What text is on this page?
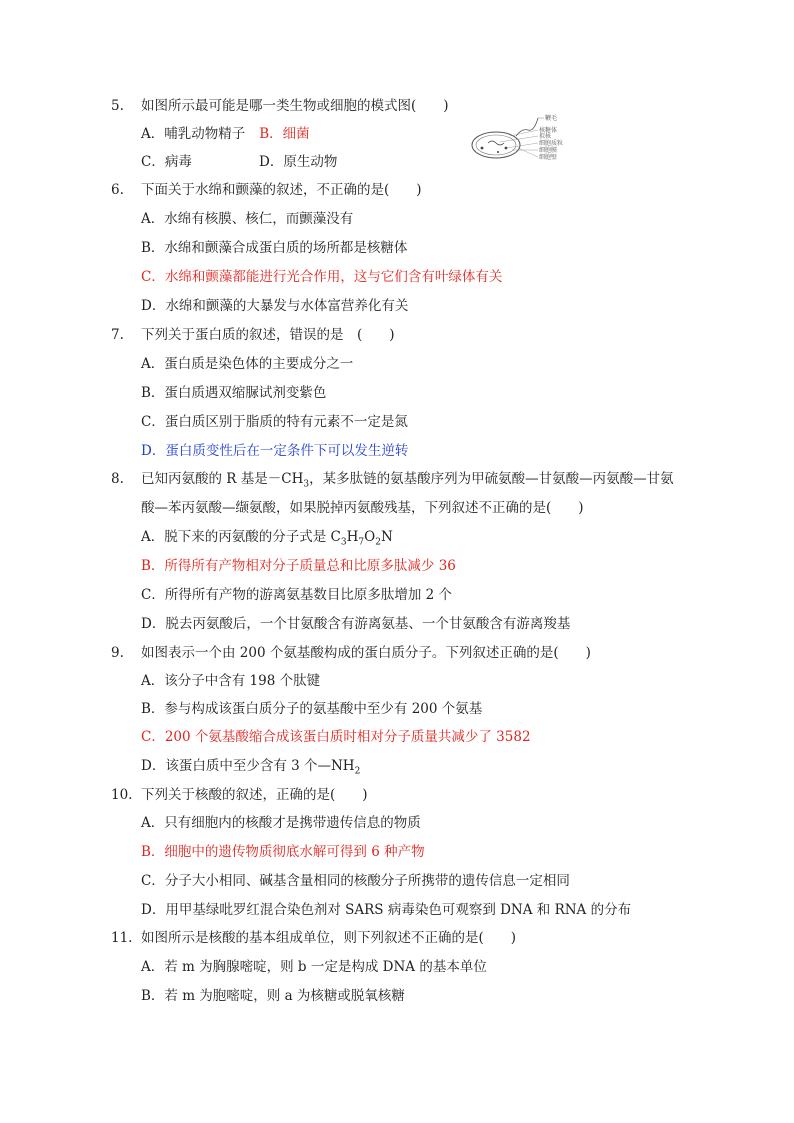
5. 如图所示最可能是哪一类生物或细胞的模式图(　　)
A．哺乳动物精子 B．细菌
C．病毒	D．原生动物
鞭毛
核糖体
拟核
细胞质粒
细胞膜
细胞壁
6. 下面关于水绵和颤藻的叙述，不正确的是(　　)
A．水绵有核膜、核仁，而颤藻没有
B．水绵和颤藻合成蛋白质的场所都是核糖体
C．水绵和颤藻都能进行光合作用，这与它们含有叶绿体有关
D．水绵和颤藻的大暴发与水体富营养化有关
7. 下列关于蛋白质的叙述，错误的是　(　　)
A．蛋白质是染色体的主要成分之一
B．蛋白质遇双缩脲试剂变紫色
C．蛋白质区别于脂质的特有元素不一定是氮
D．蛋白质变性后在一定条件下可以发生逆转
8. 已知丙氨酸的 R 基是$-CH_3$，某多肽链的氨基酸序列为甲硫氨酸—甘氨酸—丙氨酸—甘氨
酸—苯丙氨酸—缬氨酸，如果脱掉丙氨酸残基，下列叙述不正确的是(　　)
A．脱下来的丙氨酸的分子式是 $C_3H_7O_2N$
B．所得所有产物相对分子质量总和比原多肽减少 36
C．所得所有产物的游离氨基数目比原多肽增加 2 个
D．脱去丙氨酸后，一个甘氨酸含有游离氨基、一个甘氨酸含有游离羧基
9. 如图表示一个由 200 个氨基酸构成的蛋白质分子。下列叙述正确的是(　　)
A．该分子中含有 198 个肽键
B．参与构成该蛋白质分子的氨基酸中至少有 200 个氨基
C．200 个氨基酸缩合成该蛋白质时相对分子质量共减少了 3582
D．该蛋白质中至少含有 3 个$—NH_2$
10. 下列关于核酸的叙述，正确的是(　　)
A．只有细胞内的核酸才是携带遗传信息的物质
B．细胞中的遗传物质彻底水解可得到 6 种产物
C．分子大小相同、碱基含量相同的核酸分子所携带的遗传信息一定相同
D．用甲基绿吡罗红混合染色剂对 SARS 病毒染色可观察到 DNA 和 RNA 的分布
11. 如图所示是核酸的基本组成单位，则下列叙述不正确的是(　　)
A．若 m 为胸腺嘧啶，则 b 一定是构成 DNA 的基本单位
B．若 m 为胞嘧啶，则 a 为核糖或脱氧核糖
